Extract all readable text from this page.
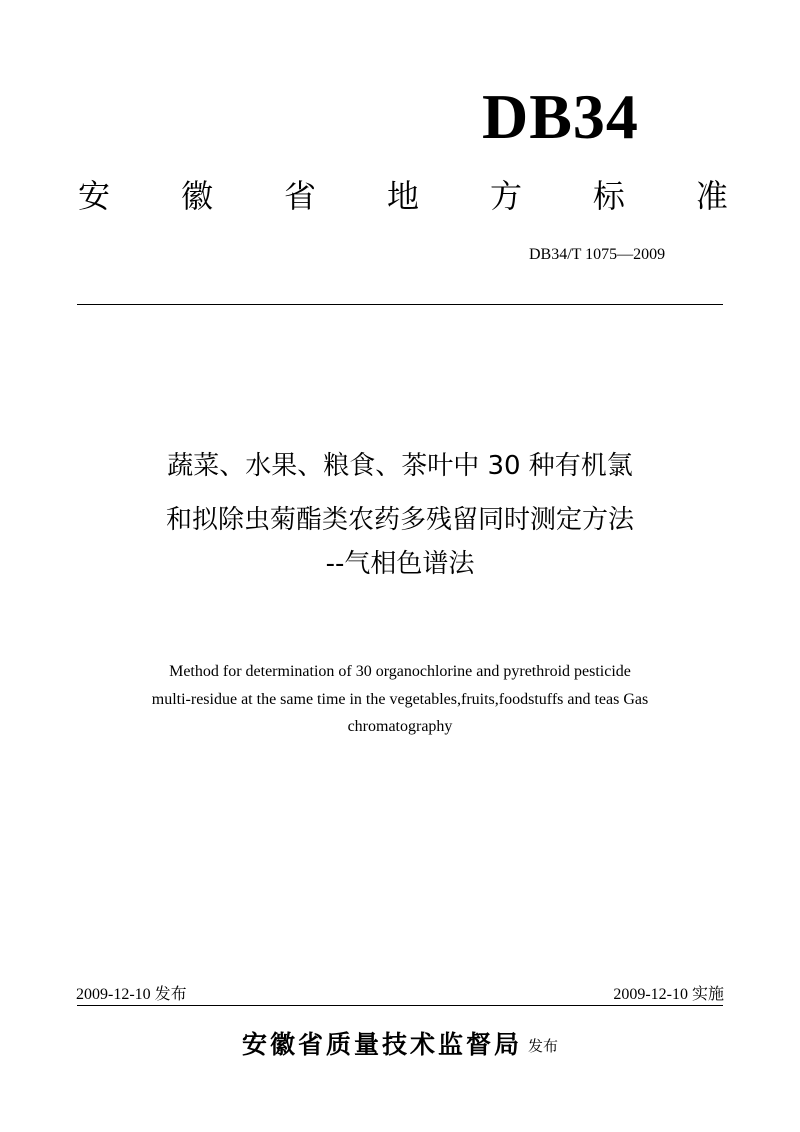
DB34
安 徽 省 地 方 标 准
DB34/T 1075—2009
蔬菜、水果、粮食、茶叶中 30 种有机氯
和拟除虫菊酯类农药多残留同时测定方法
--气相色谱法
Method for determination of 30 organochlorine and pyrethroid pesticide
multi-residue at the same time in the vegetables,fruits,foodstuffs and teas Gas
chromatography
2009-12-10 发布	2009-12-10 实施
安徽省质量技术监督局 发布
